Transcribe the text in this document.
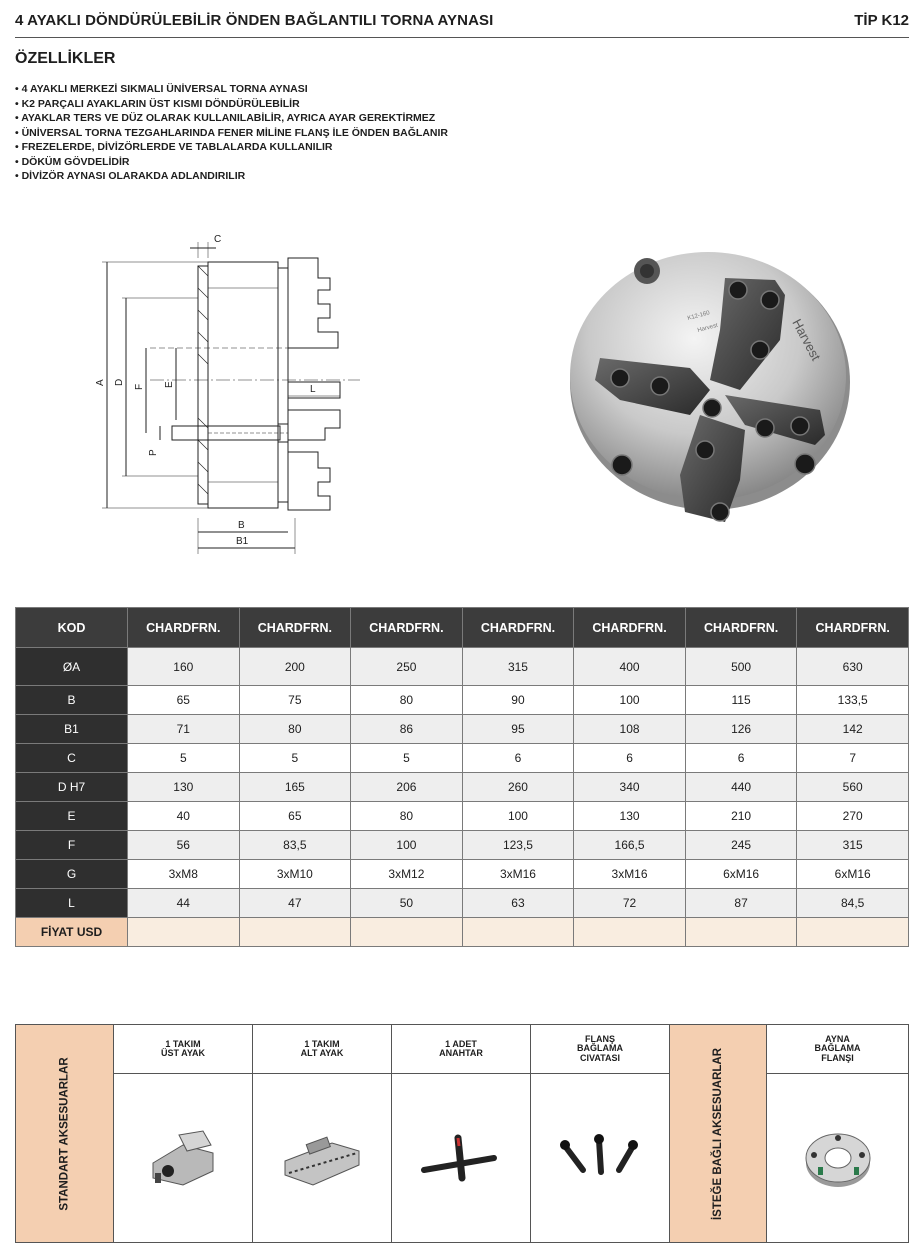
4 AYAKLI DÖNDÜRÜLEBİLİR ÖNDEN BAĞLANTILI TORNA AYNASI	TİP K12
ÖZELLİKLER
• 4 AYAKLI MERKEZİ SIKMALI ÜNİVERSAL TORNA AYNASI
• K2 PARÇALI AYAKLARIN ÜST KISMI DÖNDÜRÜLEBİLİR
• AYAKLAR TERS VE DÜZ OLARAK KULLANILABİLİR, AYRICA AYAR GEREKTİRMEZ
• ÜNİVERSAL TORNA TEZGAHLARINDA FENER MİLİNE FLANŞ İLE ÖNDEN BAĞLANIR
• FREZELERDE, DİVİZÖRLERDE VE TABLALARDA KULLANILIR
• DÖKÜM GÖVDELİDİR
• DİVİZÖR AYNASI OLARAKDA ADLANDIRILIR
A D
F E
P
C
L
B
B1
Harvest
K12-160
Harvest
KOD	CHARDFRN.	CHARDFRN.	CHARDFRN.	CHARDFRN.	CHARDFRN.	CHARDFRN.	CHARDFRN.
ØA	160	200	250	315	400	500	630
B	65	75	80	90	100	115	133,5
B1	71	80	86	95	108	126	142
C	5	5	5	6	6	6	7
D H7	130	165	206	260	340	440	560
E	40	65	80	100	130	210	270
F	56	83,5	100	123,5	166,5	245	315
G	3xM8	3xM10	3xM12	3xM16	3xM16	6xM16	6xM16
L	44	47	50	63	72	87	84,5
FİYAT USD							
STANDART AKSESUARLAR
1 TAKIM
ÜST AYAK
1 TAKIM
ALT AYAK
1 ADET
ANAHTAR
FLANŞ
BAĞLAMA
CIVATASI	İSTEĞE BAĞLI AKSESUARLAR
AYNA
BAĞLAMA
FLANŞI
